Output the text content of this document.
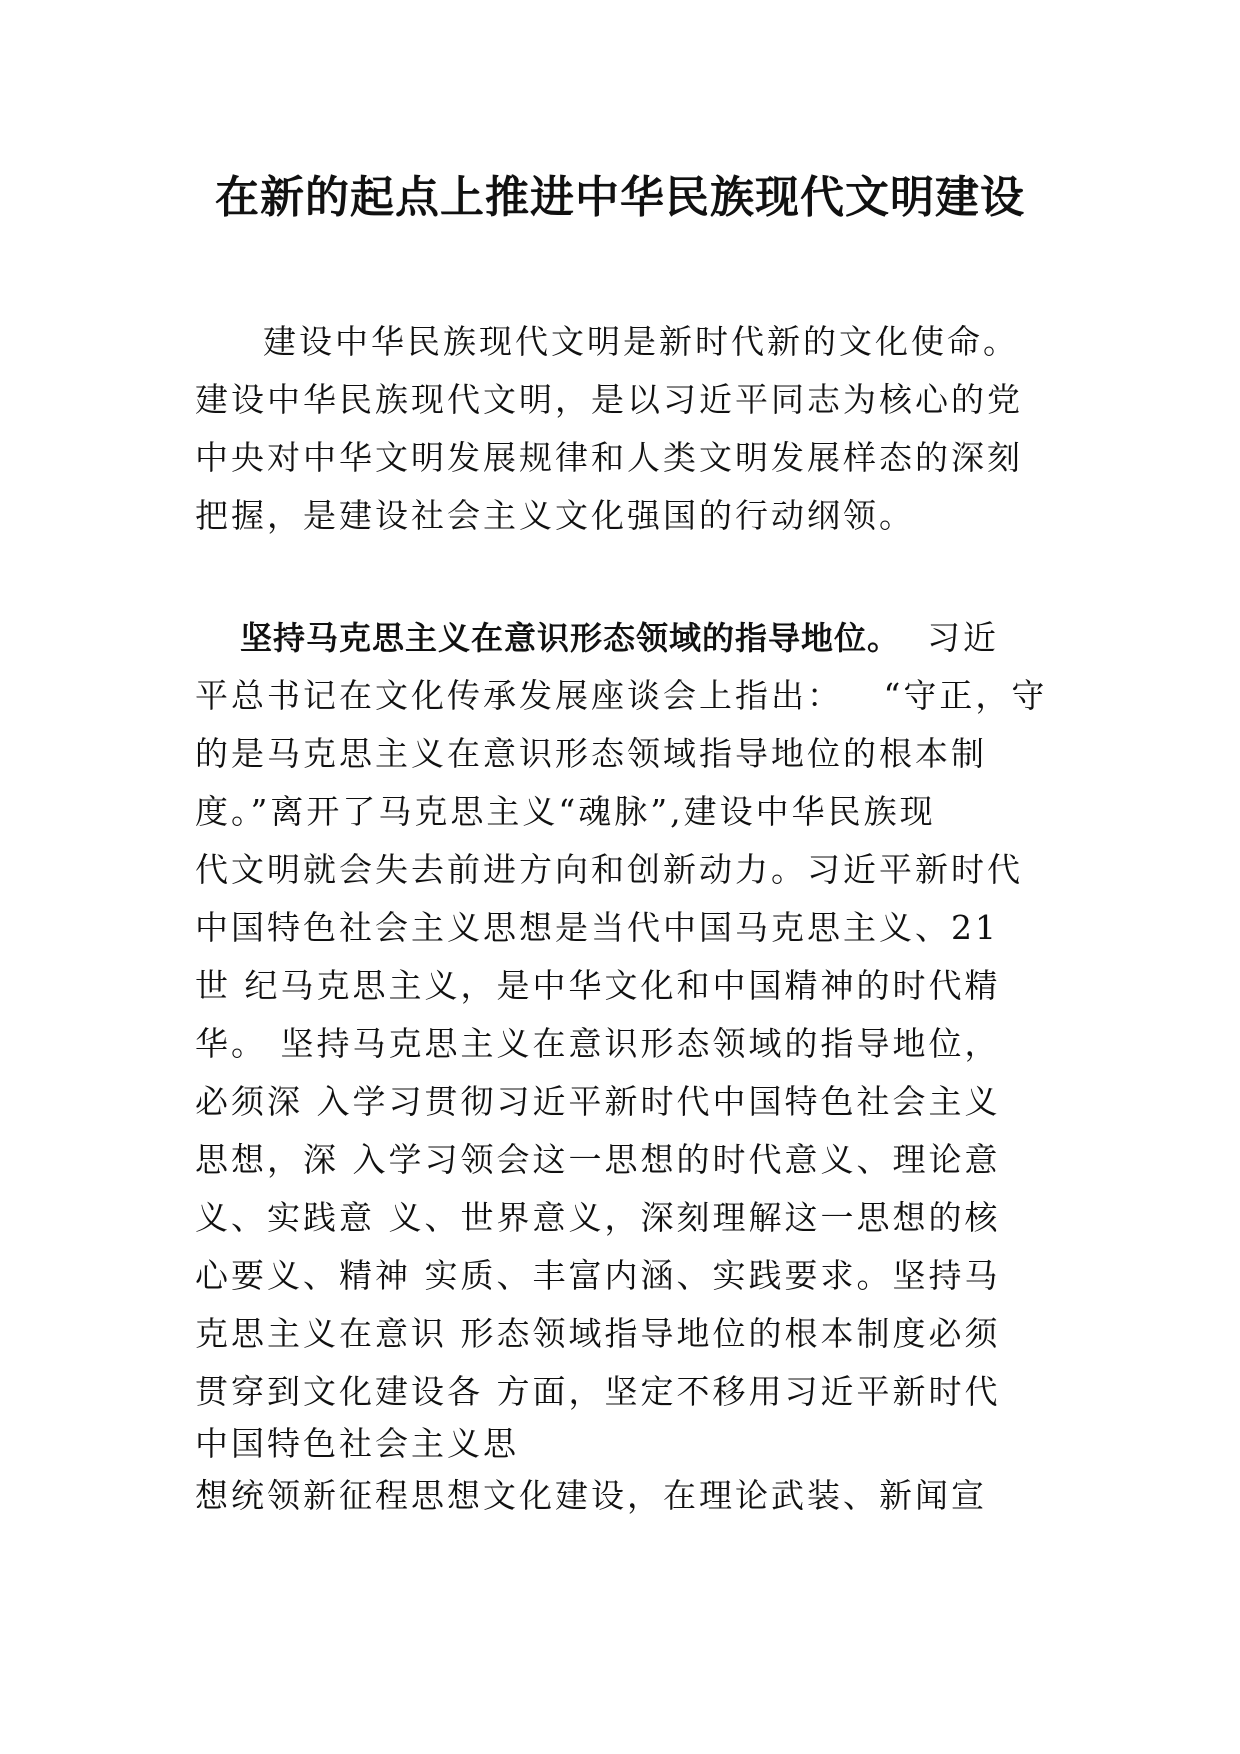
在新的起点上推进中华民族现代文明建设

建设中华民族现代文明是新时代新的文化使命。

建设中华民族现代文明，是以习近平同志为核心的党

中央对中华文明发展规律和人类文明发展样态的深刻

把握，是建设社会主义文化强国的行动纲领。

坚持马克思主义在意识形态领域的指导地位。  习近

平总书记在文化传承发展座谈会上指出：   “守正，守

的是马克思主义在意识形态领域指导地位的根本制

度。”离开了马克思主义“魂脉”,建设中华民族现

代文明就会失去前进方向和创新动力。习近平新时代

中国特色社会主义思想是当代中国马克思主义、21

世 纪马克思主义，是中华文化和中国精神的时代精

华。 坚持马克思主义在意识形态领域的指导地位，

必须深 入学习贯彻习近平新时代中国特色社会主义

思想，深 入学习领会这一思想的时代意义、理论意

义、实践意 义、世界意义，深刻理解这一思想的核

心要义、精神 实质、丰富内涵、实践要求。坚持马

克思主义在意识 形态领域指导地位的根本制度必须

贯穿到文化建设各 方面，坚定不移用习近平新时代

中国特色社会主义思

想统领新征程思想文化建设，在理论武装、新闻宣
